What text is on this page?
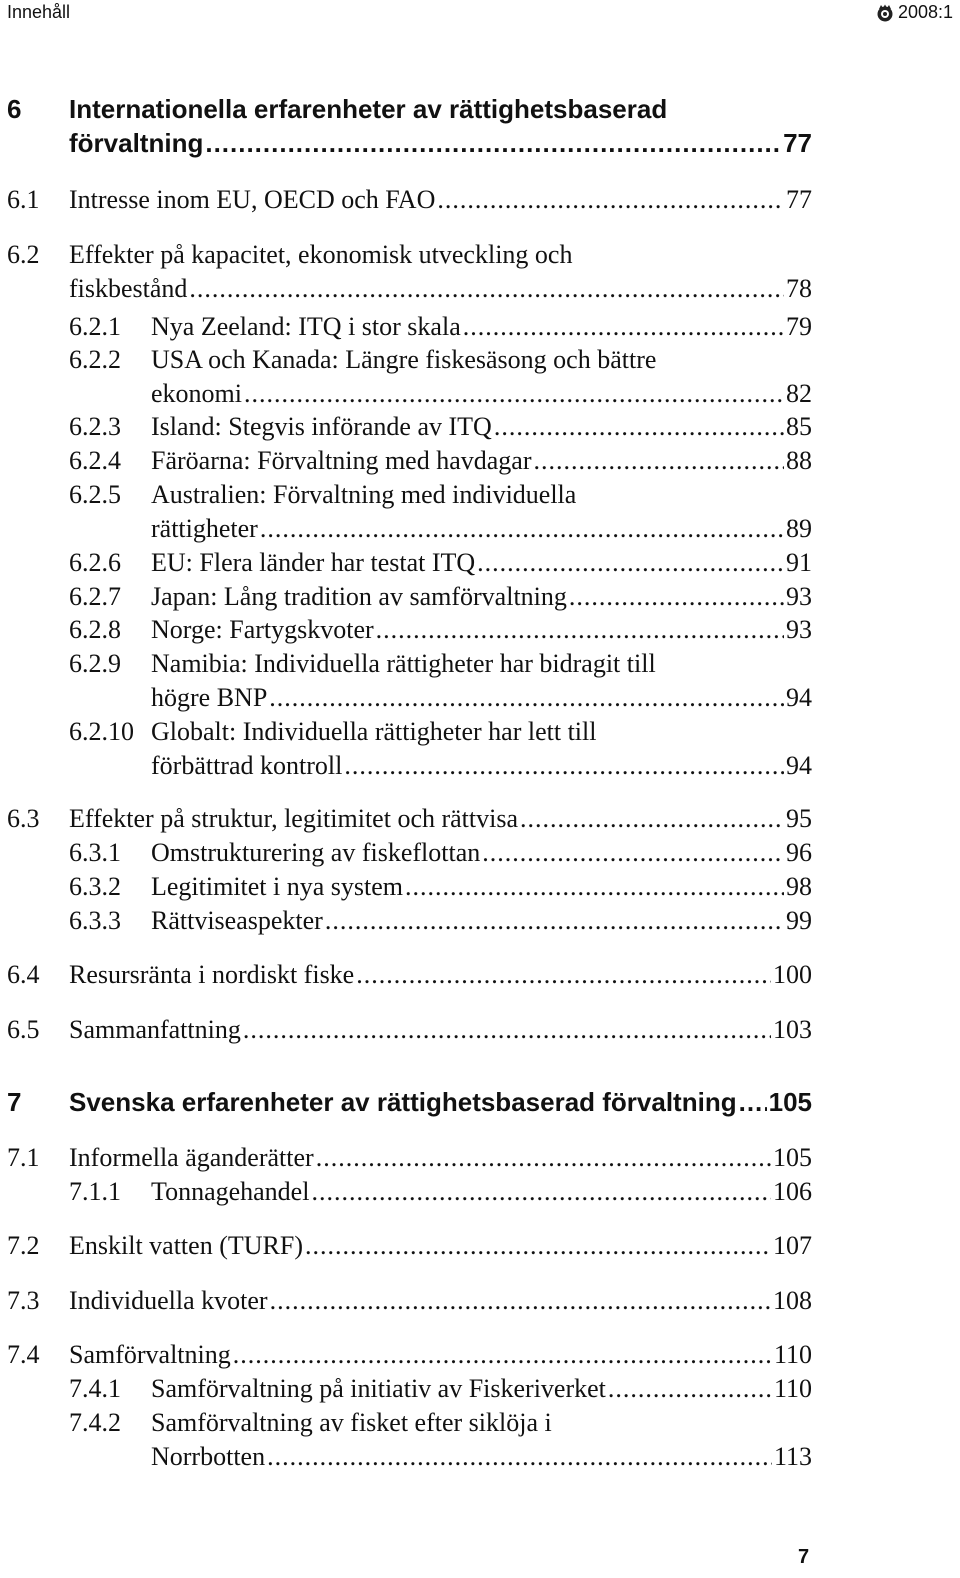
Innehåll	2008:1
6 Internationella erfarenheter av rättighetsbaserad
förvaltning .....	77
6.1 Intresse inom EU, OECD och FAO .....	77
6.2 Effekter på kapacitet, ekonomisk utveckling och
fiskbestånd .....	78
6.2.1 Nya Zeeland: ITQ i stor skala .....	79
6.2.2 USA och Kanada: Längre fiskesäsong och bättre
ekonomi .....	82
6.2.3 Island: Stegvis införande av ITQ .....	85
6.2.4 Färöarna: Förvaltning med havdagar .....	88
6.2.5 Australien: Förvaltning med individuella
rättigheter .....	89
6.2.6 EU: Flera länder har testat ITQ .....	91
6.2.7 Japan: Lång tradition av samförvaltning .....	93
6.2.8 Norge: Fartygskvoter .....	93
6.2.9 Namibia: Individuella rättigheter har bidragit till
högre BNP .....	94
6.2.10 Globalt: Individuella rättigheter har lett till
förbättrad kontroll .....	94
6.3 Effekter på struktur, legitimitet och rättvisa .....	95
6.3.1 Omstrukturering av fiskeflottan .....	96
6.3.2 Legitimitet i nya system .....	98
6.3.3 Rättviseaspekter .....	99
6.4 Resursränta i nordiskt fiske .....	100
6.5 Sammanfattning .....	103
7 Svenska erfarenheter av rättighetsbaserad förvaltning ..... 105
7.1 Informella äganderätter .....	105
7.1.1 Tonnagehandel .....	106
7.2 Enskilt vatten (TURF) .....	107
7.3 Individuella kvoter .....	108
7.4 Samförvaltning .....	110
7.4.1 Samförvaltning på initiativ av Fiskeriverket .....	110
7.4.2 Samförvaltning av fisket efter siklöja i
Norrbotten .....	113
7
